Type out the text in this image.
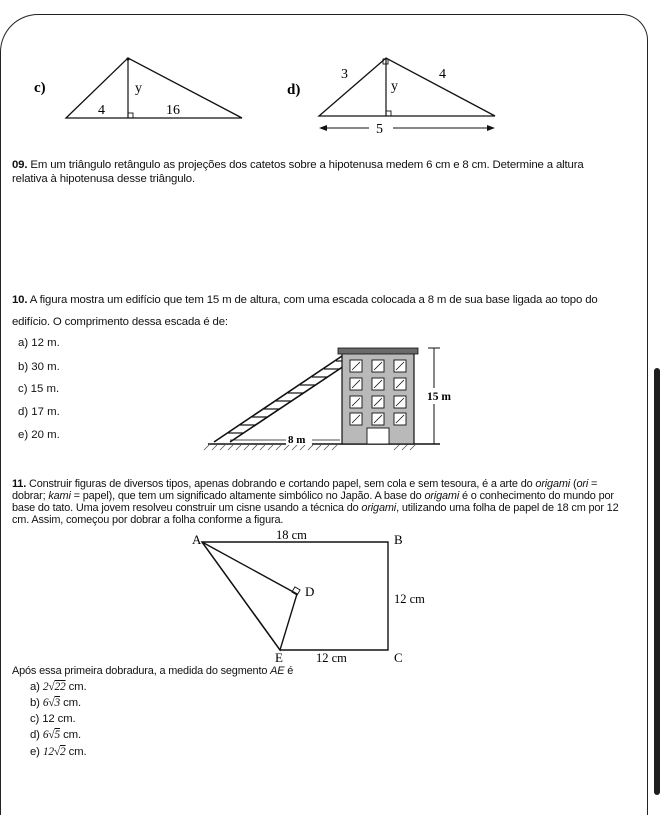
c)	y
4	16
d)
3	4
y
5
09. Em um triângulo retângulo as projeções dos catetos sobre a hipotenusa medem 6 cm e 8 cm. Determine a altura relativa à hipotenusa desse triângulo.
10. A figura mostra um edifício que tem 15 m de altura, com uma escada colocada a 8 m de sua base ligada ao topo do edifício. O comprimento dessa escada é de:
a) 12 m.
b) 30 m.
c) 15 m.
d) 17 m.
e) 20 m.
15 m
8 m
11. Construir figuras de diversos tipos, apenas dobrando e cortando papel, sem cola e sem tesoura, é a arte do origami (ori = dobrar; kami = papel), que tem um significado altamente simbólico no Japão. A base do origami é o conhecimento do mundo por base do tato. Uma jovem resolveu construir um cisne usando a técnica do origami, utilizando uma folha de papel de 18 cm por 12 cm. Assim, começou por dobrar a folha conforme a figura.
A	B
C
D
E
18 cm
12 cm
12 cm
Após essa primeira dobradura, a medida do segmento AE é
a) 2√22 cm.
b) 6√3 cm.
c) 12 cm.
d) 6√5 cm.
e) 12√2 cm.
